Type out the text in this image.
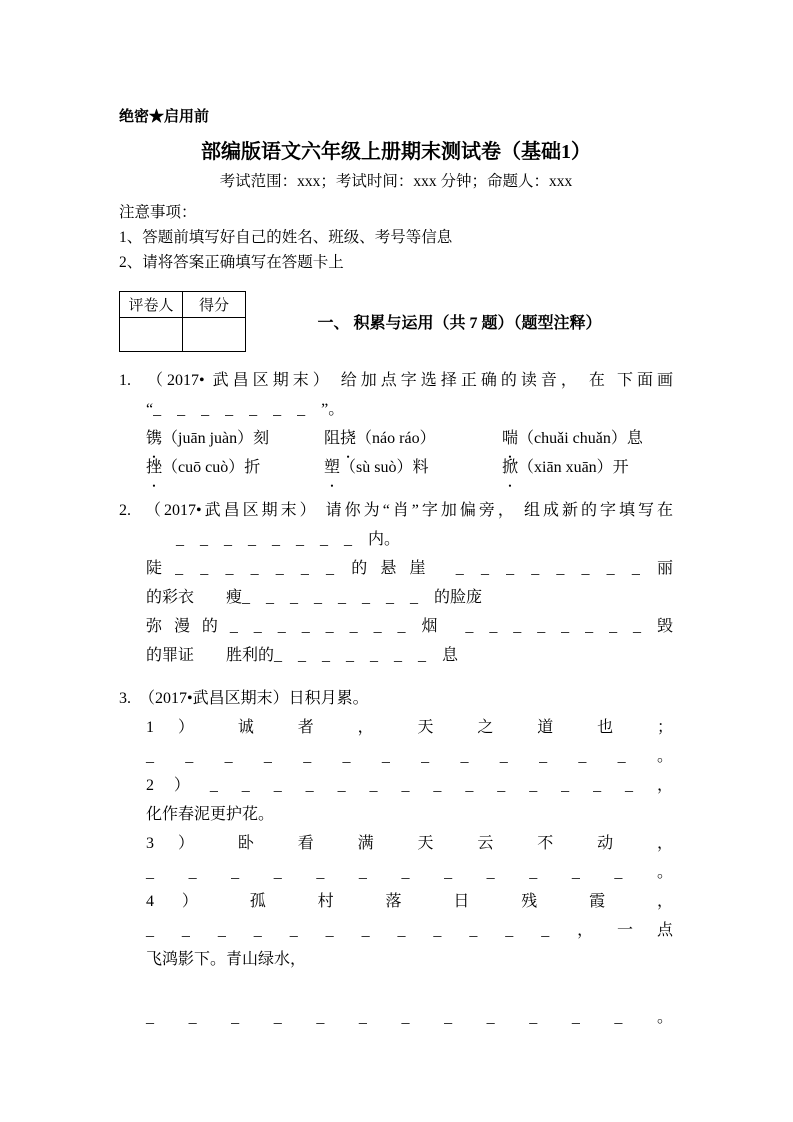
绝密★启用前

部编版语文六年级上册期末测试卷（基础1）

考试范围：xxx；考试时间：xxx 分钟；命题人：xxx

注意事项：

1、答题前填写好自己的姓名、班级、考号等信息

2、请将答案正确填写在答题卡上

评卷人	得分

一、 积累与运用（共 7 题）（题型注释）

1.　（2017• 武昌区期末） 给加点字选择正确的读音， 在 下面画

“_　_　_　_　_　_　_　”。

镌（juān juàn）刻	阻挠（náo ráo）	喘（chuǎi chuǎn）息

挫（cuō cuò）折	塑（sù suò）料	掀（xiān xuān）开

2.　（2017•武昌区期末） 请你为“肖”字加偏旁， 组成新的字填写在

_　_　_　_　_　_　_　_　内。

陡_ _ _ _ _ _ _ 的悬崖 _ _ _ _ _ _ _ _ 丽

的彩衣　　瘦_　_　_　_　_　_　_　_　的脸庞

弥漫的_ _ _ _ _ _ _ _ 烟 _ _ _ _ _ _ _ _ 毁

的罪证　　胜利的_　_　_　_　_　_　_　息

3.　（2017•武昌区期末）日积月累。

1 ） 诚 者 ， 天 之 道 也 ；

_ _ _ _ _ _ _ _ _ _ _ _ _ 。

2）_ _ _ _ _ _ _ _ _ _ _ _ _ _ ，

化作春泥更护花。

3 ） 卧 看 满 天 云 不 动 ，

_ _ _ _ _ _ _ _ _ _ _ _ 。

4 ） 孤 村 落 日 残 霞 ，

_ _ _ _ _ _ _ _ _ _ _ _ ，一点

飞鸿影下。青山绿水，

_ _ _ _ _ _ _ _ _ _ _ _ 。
